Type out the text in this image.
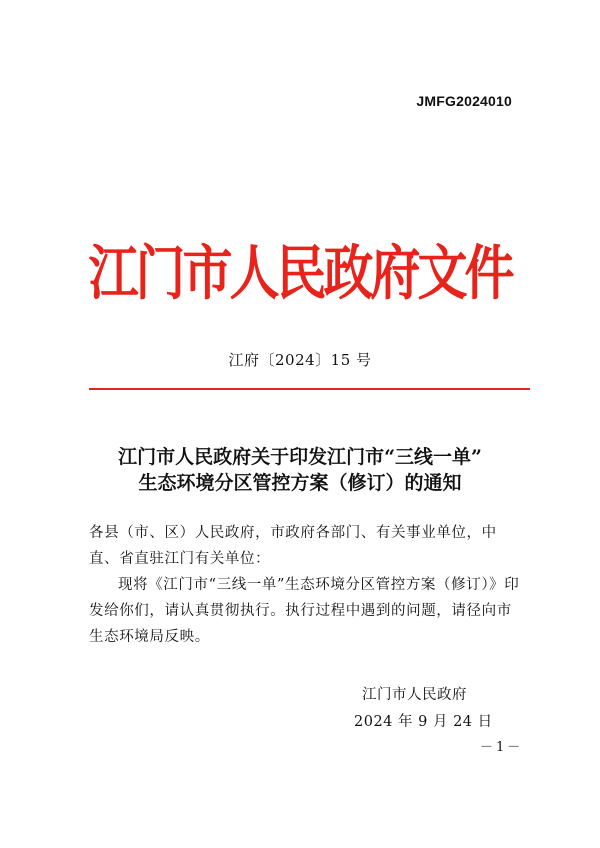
JMFG2024010
江门市人民政府文件
江府〔2024〕15 号
江门市人民政府关于印发江门市“三线一单”
生态环境分区管控方案（修订）的通知

各县（市、区）人民政府，市政府各部门、有关事业单位，中直、省直驻江门有关单位：

现将《江门市“三线一单”生态环境分区管控方案（修订）》印发给你们，请认真贯彻执行。执行过程中遇到的问题，请径向市生态环境局反映。

江门市人民政府
2024 年 9 月 24 日
－1－
